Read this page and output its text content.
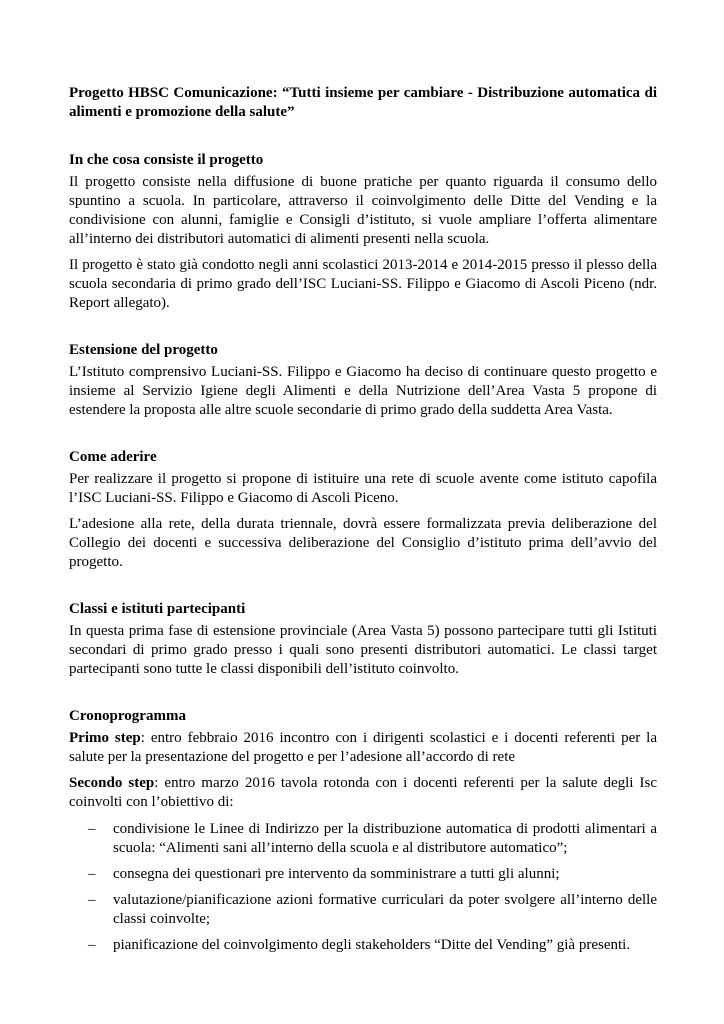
Progetto HBSC Comunicazione: “Tutti insieme per cambiare - Distribuzione automatica di alimenti e promozione della salute”

In che cosa consiste il progetto

Il progetto consiste nella diffusione di buone pratiche per quanto riguarda il consumo dello spuntino a scuola. In particolare, attraverso il coinvolgimento delle Ditte del Vending e la condivisione con alunni, famiglie e Consigli d’istituto, si vuole ampliare l’offerta alimentare all’interno dei distributori automatici di alimenti presenti nella scuola.

Il progetto è stato già condotto negli anni scolastici 2013-2014 e 2014-2015 presso il plesso della scuola secondaria di primo grado dell’ISC Luciani-SS. Filippo e Giacomo di Ascoli Piceno (ndr. Report allegato).

Estensione del progetto

L’Istituto comprensivo Luciani-SS. Filippo e Giacomo ha deciso di continuare questo progetto e insieme al Servizio Igiene degli Alimenti e della Nutrizione dell’Area Vasta 5 propone di estendere la proposta alle altre scuole secondarie di primo grado della suddetta Area Vasta.

Come aderire

Per realizzare il progetto si propone di istituire una rete di scuole avente come istituto capofila l’ISC Luciani-SS. Filippo e Giacomo di Ascoli Piceno.

L’adesione alla rete, della durata triennale, dovrà essere formalizzata previa deliberazione del Collegio dei docenti e successiva deliberazione del Consiglio d’istituto prima dell’avvio del progetto.

Classi e istituti partecipanti

In questa prima fase di estensione provinciale (Area Vasta 5) possono partecipare tutti gli Istituti secondari di primo grado presso i quali sono presenti distributori automatici. Le classi target partecipanti sono tutte le classi disponibili dell’istituto coinvolto.

Cronoprogramma

Primo step: entro febbraio 2016 incontro con i dirigenti scolastici e i docenti referenti per la salute per la presentazione del progetto e per l’adesione all’accordo di rete

Secondo step: entro marzo 2016 tavola rotonda con i docenti referenti per la salute degli Isc coinvolti con l’obiettivo di:

– condivisione le Linee di Indirizzo per la distribuzione automatica di prodotti alimentari a scuola: “Alimenti sani all’interno della scuola e al distributore automatico”;
– consegna dei questionari pre intervento da somministrare a tutti gli alunni;
– valutazione/pianificazione azioni formative curriculari da poter svolgere all’interno delle classi coinvolte;
– pianificazione del coinvolgimento degli stakeholders “Ditte del Vending” già presenti.
